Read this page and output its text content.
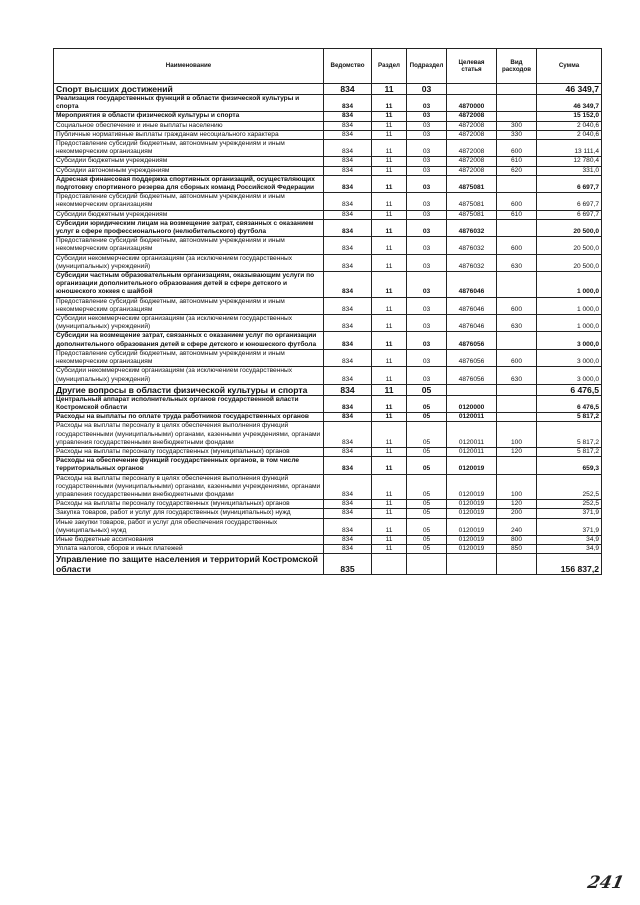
Наименование	Ведомство	Раздел	Подраздел	Целевая статья	Вид расходов	Сумма
Спорт высших достижений	834	11	03			46 349,7
Реализация государственных функций в области физической культуры и спорта	834	11	03	4870000		46 349,7
Мероприятия в области физической культуры и спорта	834	11	03	4872008		15 152,0
Социальное обеспечение и иные выплаты населению	834	11	03	4872008	300	2 040,6
Публичные нормативные выплаты гражданам несоциального характера	834	11	03	4872008	330	2 040,6
Предоставление субсидий бюджетным, автономным учреждениям и иным некоммерческим организациям	834	11	03	4872008	600	13 111,4
Субсидии бюджетным учреждениям	834	11	03	4872008	610	12 780,4
Субсидии автономным учреждениям	834	11	03	4872008	620	331,0
Адресная финансовая поддержка спортивных организаций, осуществляющих подготовку спортивного резерва для сборных команд Российской Федерации	834	11	03	4875081		6 697,7
Предоставление субсидий бюджетным, автономным учреждениям и иным некоммерческим организациям	834	11	03	4875081	600	6 697,7
Субсидии бюджетным учреждениям	834	11	03	4875081	610	6 697,7
Субсидии юридическим лицам на возмещение затрат, связанных с оказанием услуг в сфере профессионального (нелюбительского) футбола	834	11	03	4876032		20 500,0
Предоставление субсидий бюджетным, автономным учреждениям и иным некоммерческим организациям	834	11	03	4876032	600	20 500,0
Субсидии некоммерческим организациям (за исключением государственных (муниципальных) учреждений)	834	11	03	4876032	630	20 500,0
Субсидии частным образовательным организациям, оказывающим услуги по организации дополнительного образования детей в сфере детского и юношеского хоккея с шайбой	834	11	03	4876046		1 000,0
Предоставление субсидий бюджетным, автономным учреждениям и иным некоммерческим организациям	834	11	03	4876046	600	1 000,0
Субсидии некоммерческим организациям (за исключением государственных (муниципальных) учреждений)	834	11	03	4876046	630	1 000,0
Субсидии на возмещение затрат, связанных с оказанием услуг по организации дополнительного образования детей в сфере детского и юношеского футбола	834	11	03	4876056		3 000,0
Предоставление субсидий бюджетным, автономным учреждениям и иным некоммерческим организациям	834	11	03	4876056	600	3 000,0
Субсидии некоммерческим организациям (за исключением государственных (муниципальных) учреждений)	834	11	03	4876056	630	3 000,0
Другие вопросы в области физической культуры и спорта	834	11	05			6 476,5
Центральный аппарат исполнительных органов государственной власти Костромской области	834	11	05	0120000		6 476,5
Расходы на выплаты по оплате труда работников государственных органов	834	11	05	0120011		5 817,2
Расходы на выплаты персоналу в целях обеспечения выполнения функций государственными (муниципальными) органами, казенными учреждениями, органами управления государственными внебюджетными фондами	834	11	05	0120011	100	5 817,2
Расходы на выплаты персоналу государственных (муниципальных) органов	834	11	05	0120011	120	5 817,2
Расходы на обеспечение функций государственных органов, в том числе территориальных органов	834	11	05	0120019		659,3
Расходы на выплаты персоналу в целях обеспечения выполнения функций государственными (муниципальными) органами, казенными учреждениями, органами управления государственными внебюджетными фондами	834	11	05	0120019	100	252,5
Расходы на выплаты персоналу государственных (муниципальных) органов	834	11	05	0120019	120	252,5
Закупка товаров, работ и услуг для государственных (муниципальных) нужд	834	11	05	0120019	200	371,9
Иные закупки товаров, работ и услуг для обеспечения государственных (муниципальных) нужд	834	11	05	0120019	240	371,9
Иные бюджетные ассигнования	834	11	05	0120019	800	34,9
Уплата налогов, сборов и иных платежей	834	11	05	0120019	850	34,9
Управление по защите населения и территорий Костромской области	835					156 837,2
241
